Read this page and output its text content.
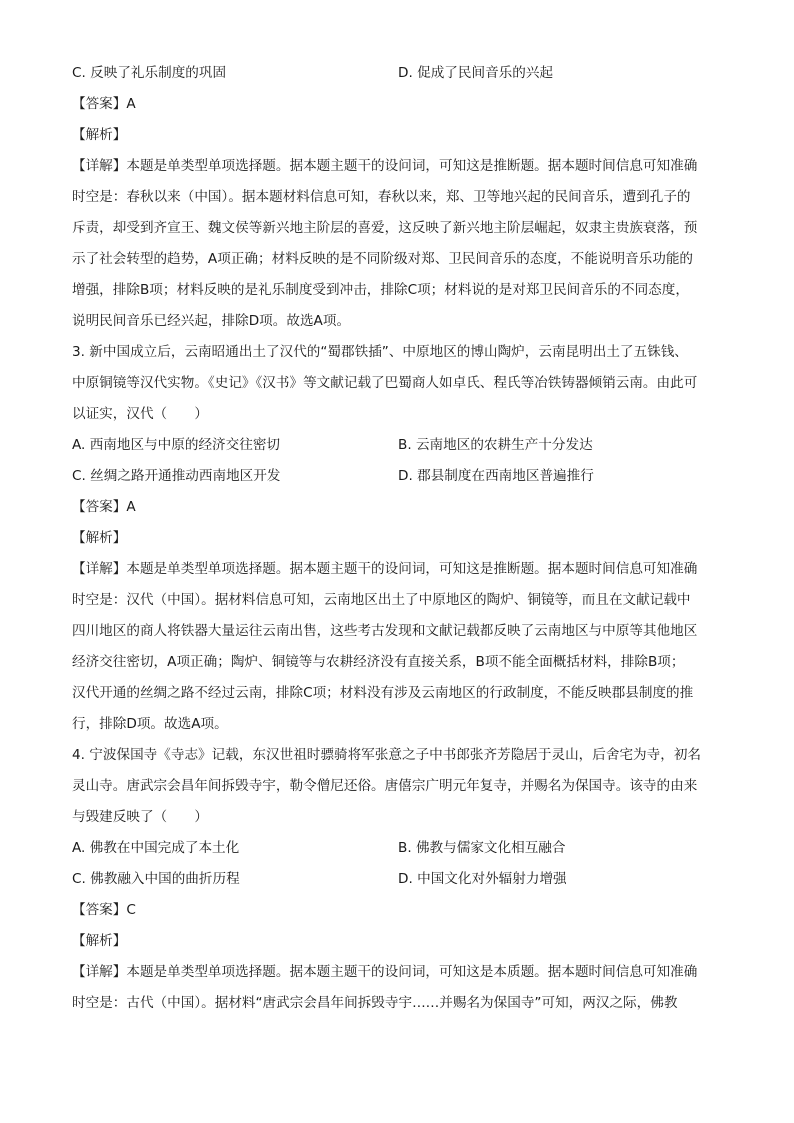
C. 反映了礼乐制度的巩固	D. 促成了民间音乐的兴起
【答案】A
【解析】
【详解】本题是单类型单项选择题。据本题主题干的设问词，可知这是推断题。据本题时间信息可知准确
时空是：春秋以来（中国）。据本题材料信息可知，春秋以来，郑、卫等地兴起的民间音乐，遭到孔子的
斥责，却受到齐宣王、魏文侯等新兴地主阶层的喜爱，这反映了新兴地主阶层崛起，奴隶主贵族衰落，预
示了社会转型的趋势，A项正确；材料反映的是不同阶级对郑、卫民间音乐的态度，不能说明音乐功能的
增强，排除B项；材料反映的是礼乐制度受到冲击，排除C项；材料说的是对郑卫民间音乐的不同态度，
说明民间音乐已经兴起，排除D项。故选A项。
3. 新中国成立后，云南昭通出土了汉代的“蜀郡铁插”、中原地区的博山陶炉，云南昆明出土了五铢钱、
中原铜镜等汉代实物。《史记》《汉书》等文献记载了巴蜀商人如卓氏、程氏等冶铁铸器倾销云南。由此可
以证实，汉代（　　）
A. 西南地区与中原的经济交往密切	B. 云南地区的农耕生产十分发达
C. 丝绸之路开通推动西南地区开发	D. 郡县制度在西南地区普遍推行
【答案】A
【解析】
【详解】本题是单类型单项选择题。据本题主题干的设问词，可知这是推断题。据本题时间信息可知准确
时空是：汉代（中国）。据材料信息可知，云南地区出土了中原地区的陶炉、铜镜等，而且在文献记载中
四川地区的商人将铁器大量运往云南出售，这些考古发现和文献记载都反映了云南地区与中原等其他地区
经济交往密切，A项正确；陶炉、铜镜等与农耕经济没有直接关系，B项不能全面概括材料，排除B项；
汉代开通的丝绸之路不经过云南，排除C项；材料没有涉及云南地区的行政制度，不能反映郡县制度的推
行，排除D项。故选A项。
4. 宁波保国寺《寺志》记载，东汉世祖时骠骑将军张意之子中书郎张齐芳隐居于灵山，后舍宅为寺，初名
灵山寺。唐武宗会昌年间拆毁寺宇，勒令僧尼还俗。唐僖宗广明元年复寺，并赐名为保国寺。该寺的由来
与毁建反映了（　　）
A. 佛教在中国完成了本土化	B. 佛教与儒家文化相互融合
C. 佛教融入中国的曲折历程	D. 中国文化对外辐射力增强
【答案】C
【解析】
【详解】本题是单类型单项选择题。据本题主题干的设问词，可知这是本质题。据本题时间信息可知准确
时空是：古代（中国）。据材料“唐武宗会昌年间拆毁寺宇……并赐名为保国寺”可知，两汉之际，佛教
